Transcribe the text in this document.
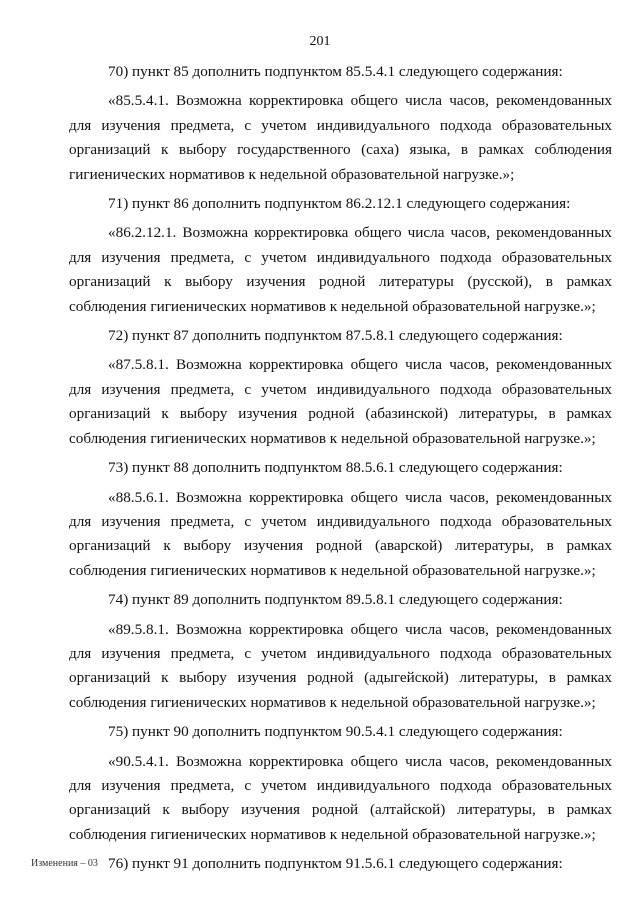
201

70) пункт 85 дополнить подпунктом 85.5.4.1 следующего содержания:

«85.5.4.1. Возможна корректировка общего числа часов, рекомендованных для изучения предмета, с учетом индивидуального подхода образовательных организаций к выбору государственного (саха) языка, в рамках соблюдения гигиенических нормативов к недельной образовательной нагрузке.»;

71) пункт 86 дополнить подпунктом 86.2.12.1 следующего содержания:

«86.2.12.1. Возможна корректировка общего числа часов, рекомендованных для изучения предмета, с учетом индивидуального подхода образовательных организаций к выбору изучения родной литературы (русской), в рамках соблюдения гигиенических нормативов к недельной образовательной нагрузке.»;

72) пункт 87 дополнить подпунктом 87.5.8.1 следующего содержания:

«87.5.8.1. Возможна корректировка общего числа часов, рекомендованных для изучения предмета, с учетом индивидуального подхода образовательных организаций к выбору изучения родной (абазинской) литературы, в рамках соблюдения гигиенических нормативов к недельной образовательной нагрузке.»;

73) пункт 88 дополнить подпунктом 88.5.6.1 следующего содержания:

«88.5.6.1. Возможна корректировка общего числа часов, рекомендованных для изучения предмета, с учетом индивидуального подхода образовательных организаций к выбору изучения родной (аварской) литературы, в рамках соблюдения гигиенических нормативов к недельной образовательной нагрузке.»;

74) пункт 89 дополнить подпунктом 89.5.8.1 следующего содержания:

«89.5.8.1. Возможна корректировка общего числа часов, рекомендованных для изучения предмета, с учетом индивидуального подхода образовательных организаций к выбору изучения родной (адыгейской) литературы, в рамках соблюдения гигиенических нормативов к недельной образовательной нагрузке.»;

75) пункт 90 дополнить подпунктом 90.5.4.1 следующего содержания:

«90.5.4.1. Возможна корректировка общего числа часов, рекомендованных для изучения предмета, с учетом индивидуального подхода образовательных организаций к выбору изучения родной (алтайской) литературы, в рамках соблюдения гигиенических нормативов к недельной образовательной нагрузке.»;

76) пункт 91 дополнить подпунктом 91.5.6.1 следующего содержания:

Изменения – 03
